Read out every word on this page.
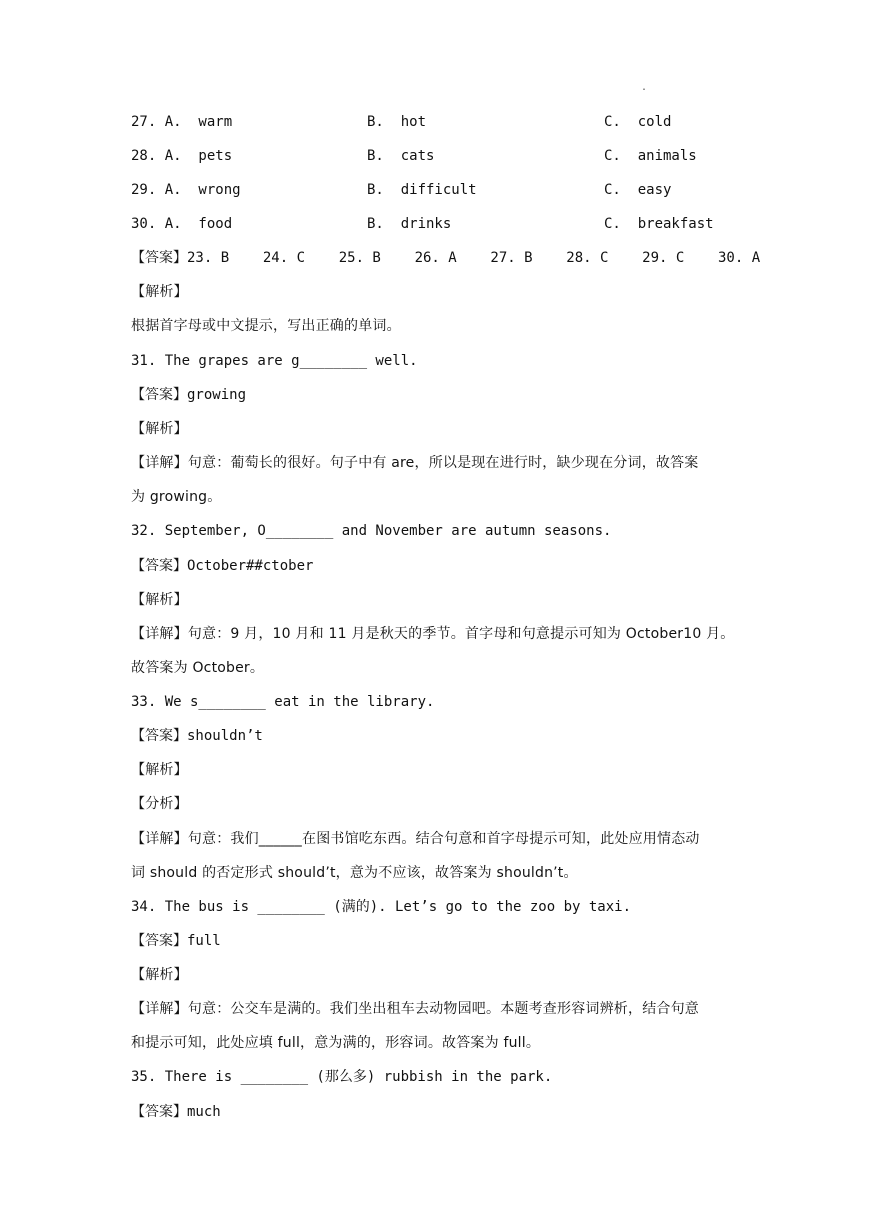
.
27. A.  warm	B.  hot	C.  cold
28. A.  pets	B.  cats	C.  animals
29. A.  wrong	B.  difficult	C.  easy
30. A.  food	B.  drinks	C.  breakfast
【答案】23. B    24. C    25. B    26. A    27. B    28. C    29. C    30. A
【解析】
根据首字母或中文提示，写出正确的单词。
31. The grapes are g________ well.
【答案】growing
【解析】
【详解】句意：葡萄长的很好。句子中有 are，所以是现在进行时，缺少现在分词，故答案
为 growing。
32. September, O________ and November are autumn seasons.
【答案】October##ctober
【解析】
【详解】句意：9 月，10 月和 11 月是秋天的季节。首字母和句意提示可知为 October10 月。
故答案为 October。
33. We s________ eat in the library.
【答案】shouldn’t
【解析】
【分析】
【详解】句意：我们______在图书馆吃东西。结合句意和首字母提示可知，此处应用情态动
词 should 的否定形式 should’t，意为不应该，故答案为 shouldn’t。
34. The bus is ________ (满的). Let’s go to the zoo by taxi.
【答案】full
【解析】
【详解】句意：公交车是满的。我们坐出租车去动物园吧。本题考查形容词辨析，结合句意
和提示可知，此处应填 full，意为满的，形容词。故答案为 full。
35. There is ________ (那么多) rubbish in the park.
【答案】much
